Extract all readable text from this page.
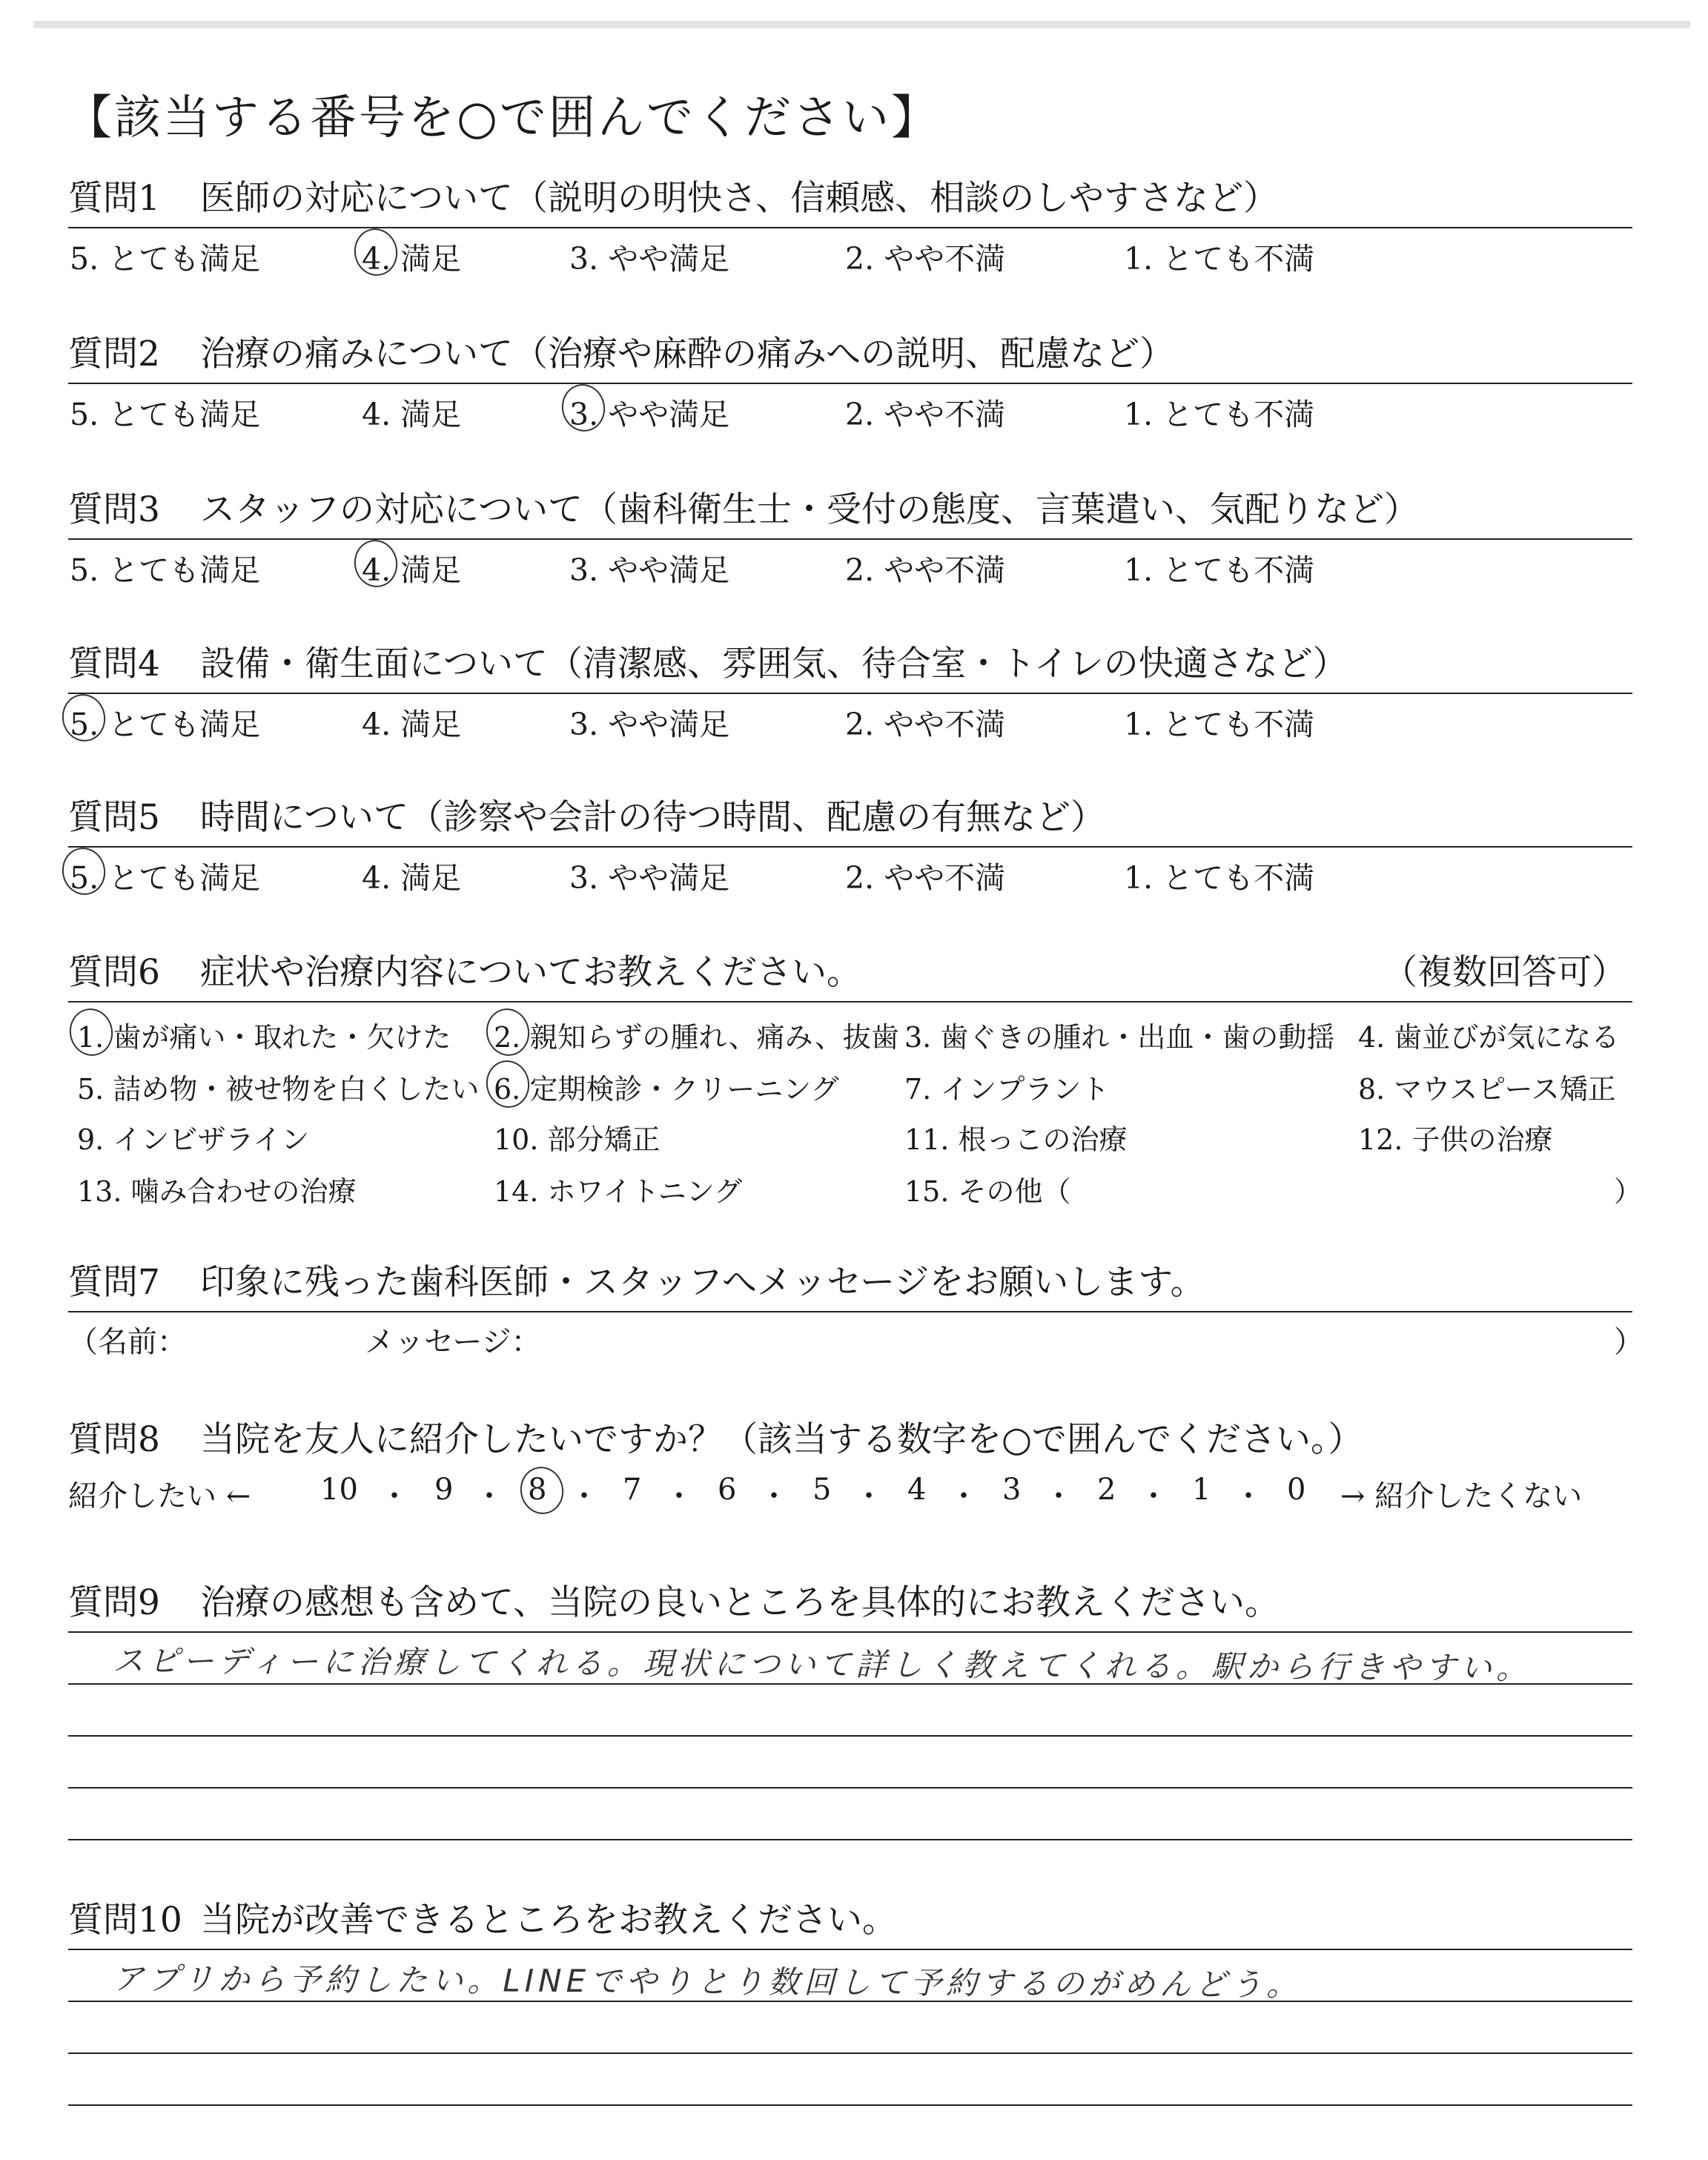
【該当する番号を○で囲んでください】
質問1 医師の対応について（説明の明快さ、信頼感、相談のしやすさなど）
5. とても満足	4. 満足	3. やや満足	2. やや不満	1. とても不満
質問2 治療の痛みについて（治療や麻酔の痛みへの説明、配慮など）
5. とても満足	4. 満足	3. やや満足	2. やや不満	1. とても不満
質問3 スタッフの対応について（歯科衛生士・受付の態度、言葉遣い、気配りなど）
5. とても満足	4. 満足	3. やや満足	2. やや不満	1. とても不満
質問4 設備・衛生面について（清潔感、雰囲気、待合室・トイレの快適さなど）
5. とても満足	4. 満足	3. やや満足	2. やや不満	1. とても不満
質問5 時間について（診察や会計の待つ時間、配慮の有無など）
5. とても満足	4. 満足	3. やや満足	2. やや不満	1. とても不満
質問6 症状や治療内容についてお教えください。	（複数回答可）
1. 歯が痛い・取れた・欠けた 2. 親知らずの腫れ、痛み、抜歯 3. 歯ぐきの腫れ・出血・歯の動揺 4. 歯並びが気になる
5. 詰め物・被せ物を白くしたい 6. 定期検診・クリーニング 7. インプラント	8. マウスピース矯正
9. インビザライン	10. 部分矯正	11. 根っこの治療	12. 子供の治療
13. 噛み合わせの治療	14. ホワイトニング	15. その他（	）
質問7 印象に残った歯科医師・スタッフへメッセージをお願いします。
（名前：	メッセージ：	）
質問8 当院を友人に紹介したいですか？（該当する数字を○で囲んでください。）
紹介したい ← 10 ・ 9 ・ 8 ・ 7 ・ 6 ・ 5 ・ 4 ・ 3 ・ 2 ・ 1 ・ 0 → 紹介したくない
質問9 治療の感想も含めて、当院の良いところを具体的にお教えください。
スピーディーに治療してくれる。現状について詳しく教えてくれる。駅から行きやすい。
質問10 当院が改善できるところをお教えください。
アプリから予約したい。LINEでやりとり数回して予約するのがめんどう。
